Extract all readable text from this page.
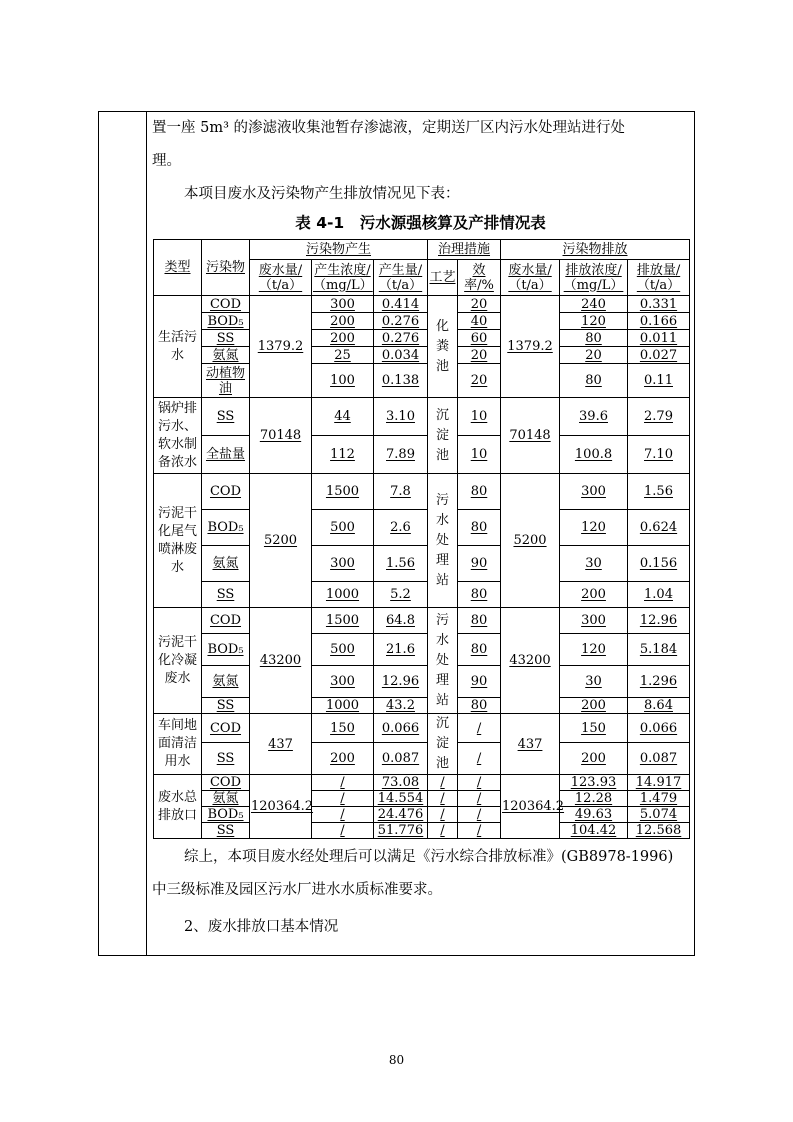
置一座 5m³ 的渗滤液收集池暂存渗滤液，定期送厂区内污水处理站进行处

理。

本项目废水及污染物产生排放情况见下表：

表 4-1　污水源强核算及产排情况表
类型	污染物	污染物产生			治理措施		污染物排放		
		废水量/（t/a）	产生浓度/（mg/L）	产生量/（t/a）	工艺	效率/%	废水量/（t/a）	排放浓度/（mg/L）	排放量/（t/a）
生活污水	COD	1379.2	300	0.414	化粪池	20	1379.2	240	0.331
	BOD₅		200	0.276		40		120	0.166
	SS		200	0.276		60		80	0.011
	氨氮		25	0.034		20		20	0.027
	动植物油		100	0.138		20		80	0.11
锅炉排污水、软水制备浓水	SS	70148	44	3.10	沉淀池	10	70148	39.6	2.79
	全盐量		112	7.89		10		100.8	7.10
污泥干化尾气喷淋废水	COD	5200	1500	7.8	污水处理站	80	5200	300	1.56
	BOD₅		500	2.6		80		120	0.624
	氨氮		300	1.56		90		30	0.156
	SS		1000	5.2		80		200	1.04
污泥干化冷凝废水	COD	43200	1500	64.8	污水处理站	80	43200	300	12.96
	BOD₅		500	21.6		80		120	5.184
	氨氮		300	12.96		90		30	1.296
	SS		1000	43.2		80		200	8.64
车间地面清洁用水	COD	437	150	0.066	沉淀池	/	437	150	0.066
	SS		200	0.087		/		200	0.087
废水总排放口	COD	120364.2	/	73.08	/	/	120364.2	123.93	14.917
	氨氮		/	14.554	/	/		12.28	1.479
	BOD₅		/	24.476	/	/		49.63	5.074
	SS		/	51.776	/	/		104.42	12.568

综上，本项目废水经处理后可以满足《污水综合排放标准》(GB8978-1996)

中三级标准及园区污水厂进水水质标准要求。

2、废水排放口基本情况

80
